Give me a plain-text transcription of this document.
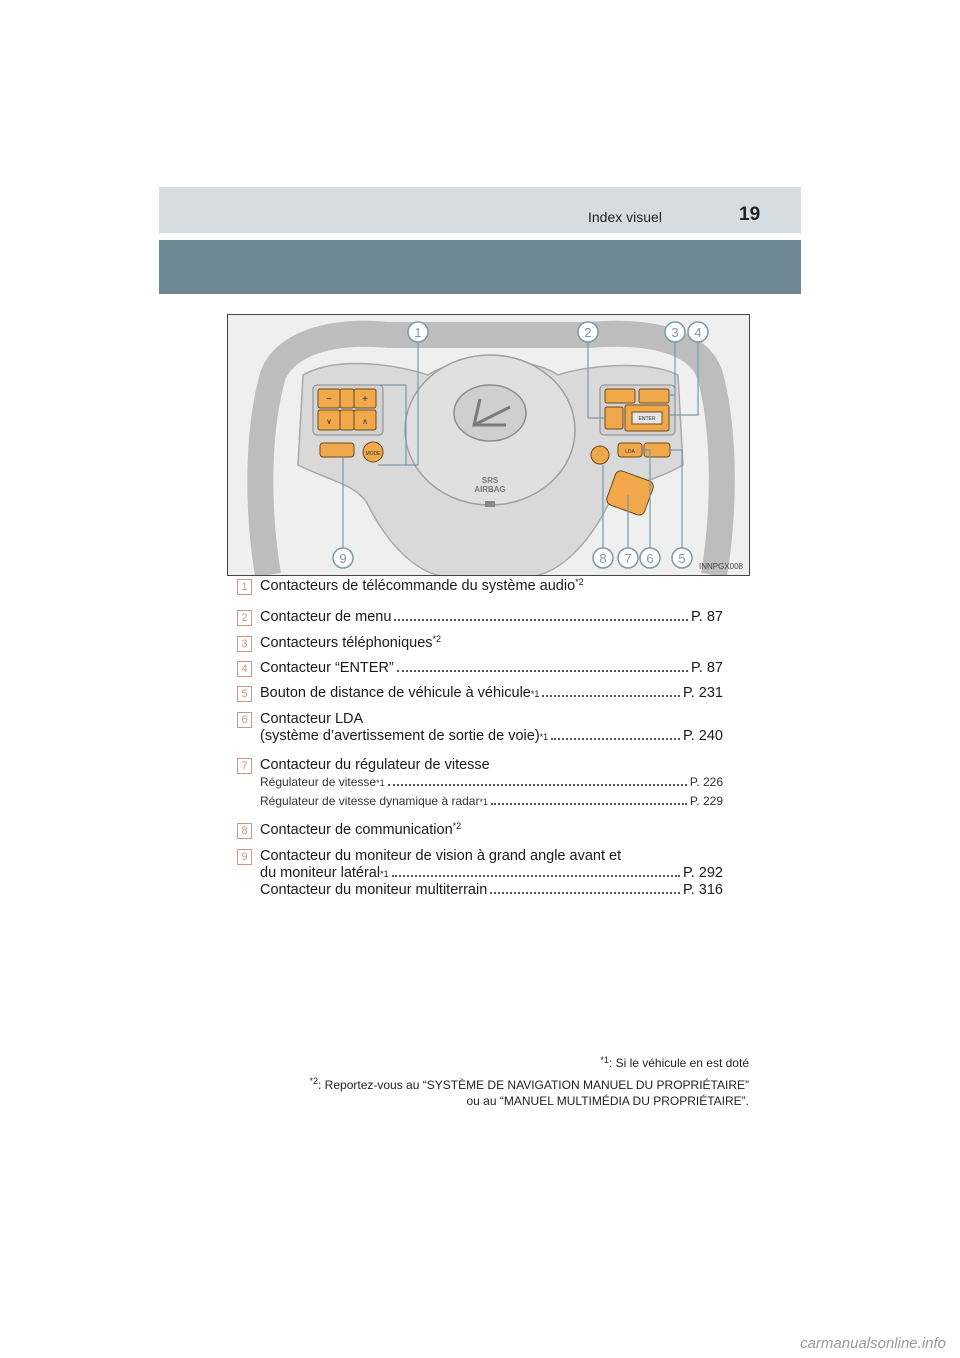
Index visuel	19
SRS
AIRBAG
−	+
∨	∧
MODE
ENTER
LDA
1	2	3 4
5
6
7
8
9
INNPGX008
1 Contacteurs de télécommande du système audio$^{*2}$
2 Contacteur de menu	P. 87
3 Contacteurs téléphoniques$^{*2}$
4 Contacteur “ENTER”	P. 87
5 Bouton de distance de véhicule à véhicule *1	P. 231
6 Contacteur LDA
(système d’avertissement de sortie de voie) *1	P. 240
7 Contacteur du régulateur de vitesse
Régulateur de vitesse *1	P. 226
Régulateur de vitesse dynamique à radar *1	P. 229
8 Contacteur de communication$^{*2}$
9 Contacteur du moniteur de vision à grand angle avant et
du moniteur latéral *1	P. 292
Contacteur du moniteur multiterrain	P. 316
$^{*1}$: Si le véhicule en est doté
$^{*2}$: Reportez-vous au “SYSTÈME DE NAVIGATION MANUEL DU PROPRIÉTAIRE”
ou au “MANUEL MULTIMÉDIA DU PROPRIÉTAIRE”.
carmanualsonline.info
